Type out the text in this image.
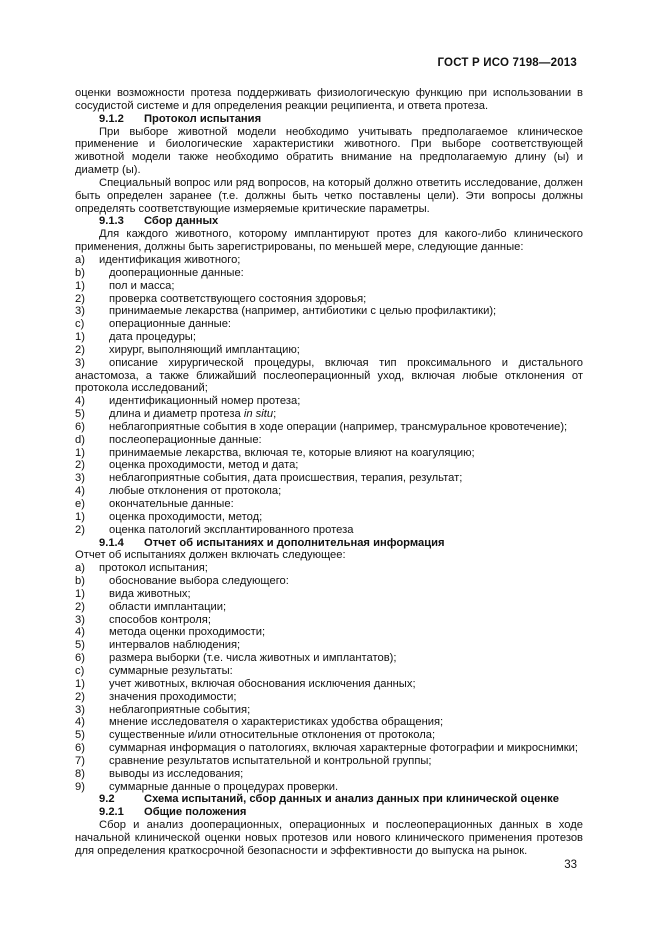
ГОСТ Р ИСО 7198—2013
оценки возможности протеза поддерживать физиологическую функцию при использовании в сосудистой системе и для определения реакции реципиента, и ответа протеза.
9.1.2 Протокол испытания
При выборе животной модели необходимо учитывать предполагаемое клиническое применение и биологические характеристики животного. При выборе соответствующей животной модели также необходимо обратить внимание на предполагаемую длину (ы) и диаметр (ы).
Специальный вопрос или ряд вопросов, на который должно ответить исследование, должен быть определен заранее (т.е. должны быть четко поставлены цели). Эти вопросы должны определять соответствующие измеряемые критические параметры.
9.1.3 Сбор данных
Для каждого животного, которому имплантируют протез для какого-либо клинического применения, должны быть зарегистрированы, по меньшей мере, следующие данные:
а)	идентификация животного;
b)	дооперационные данные:
1)	пол и масса;
2)	проверка соответствующего состояния здоровья;
3)	принимаемые лекарства (например, антибиотики с целью профилактики);
c)	операционные данные:
1)	дата процедуры;
2)	хирург, выполняющий имплантацию;
3) описание хирургической процедуры, включая тип проксимального и дистального анастомоза, а также ближайший послеоперационный уход, включая любые отклонения от протокола исследований;
4)	идентификационный номер протеза;
5)	длина и диаметр протеза in situ;
6)	неблагоприятные события в ходе операции (например, трансмуральное кровотечение);
d)	послеоперационные данные:
1)	принимаемые лекарства, включая те, которые влияют на коагуляцию;
2)	оценка проходимости, метод и дата;
3)	неблагоприятные события, дата происшествия, терапия, результат;
4)	любые отклонения от протокола;
e)	окончательные данные:
1)	оценка проходимости, метод;
2)	оценка патологий эксплантированного протеза
9.1.4 Отчет об испытаниях и дополнительная информация
Отчет об испытаниях должен включать следующее:
а)	протокол испытания;
b)	обоснование выбора следующего:
1)	вида животных;
2)	области имплантации;
3)	способов контроля;
4)	метода оценки проходимости;
5)	интервалов наблюдения;
6)	размера выборки (т.е. числа животных и имплантатов);
c)	суммарные результаты:
1)	учет животных, включая обоснования исключения данных;
2)	значения проходимости;
3)	неблагоприятные события;
4)	мнение исследователя о характеристиках удобства обращения;
5)	существенные и/или относительные отклонения от протокола;
6)	суммарная информация о патологиях, включая характерные фотографии и микроснимки;
7)	сравнение результатов испытательной и контрольной группы;
8)	выводы из исследования;
9)	суммарные данные о процедурах проверки.
9.2	Схема испытаний, сбор данных и анализ данных при клинической оценке
9.2.1 Общие положения
Сбор и анализ дооперационных, операционных и послеоперационных данных в ходе начальной клинической оценки новых протезов или нового клинического применения протезов для определения краткосрочной безопасности и эффективности до выпуска на рынок.
33
